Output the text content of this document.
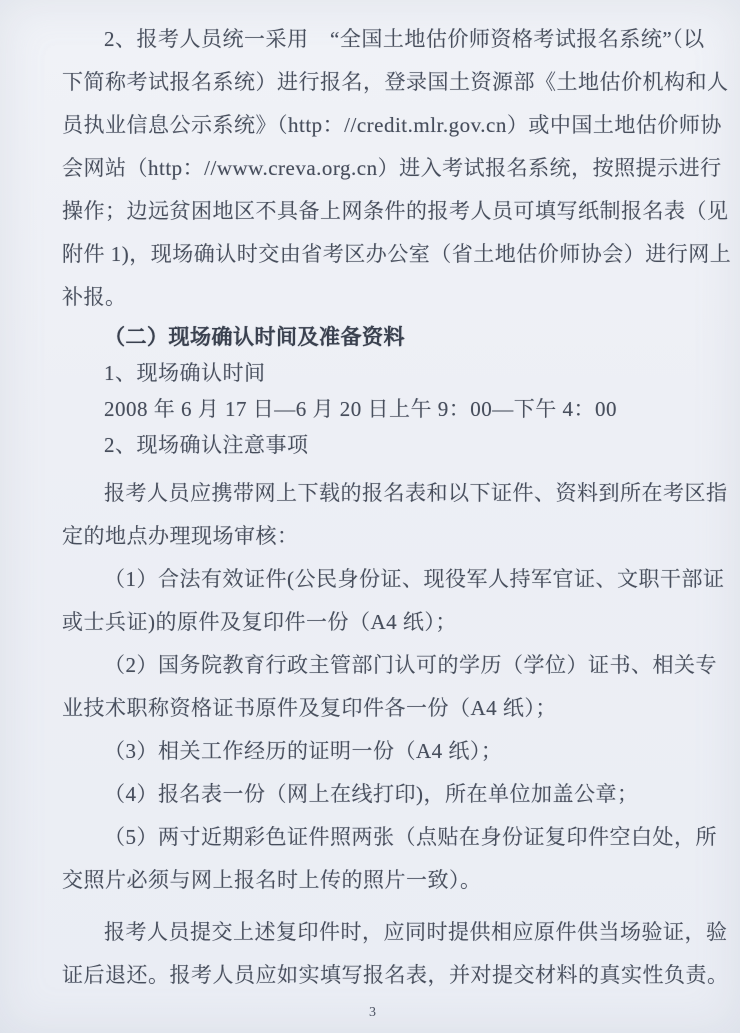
2、报考人员统一采用　“全国土地估价师资格考试报名系统”（以
下简称考试报名系统）进行报名，登录国土资源部《土地估价机构和人
员执业信息公示系统》（http：//credit.mlr.gov.cn）或中国土地估价师协
会网站（http：//www.creva.org.cn）进入考试报名系统，按照提示进行
操作；边远贫困地区不具备上网条件的报考人员可填写纸制报名表（见
附件 1)，现场确认时交由省考区办公室（省土地估价师协会）进行网上
补报。
（二）现场确认时间及准备资料
1、现场确认时间
2008 年 6 月 17 日—6 月 20 日上午 9：00—下午 4：00
2、现场确认注意事项
报考人员应携带网上下载的报名表和以下证件、资料到所在考区指
定的地点办理现场审核：
（1）合法有效证件(公民身份证、现役军人持军官证、文职干部证
或士兵证)的原件及复印件一份（A4 纸）；
（2）国务院教育行政主管部门认可的学历（学位）证书、相关专
业技术职称资格证书原件及复印件各一份（A4 纸）；
（3）相关工作经历的证明一份（A4 纸）；
（4）报名表一份（网上在线打印)，所在单位加盖公章；
（5）两寸近期彩色证件照两张（点贴在身份证复印件空白处，所
交照片必须与网上报名时上传的照片一致）。
报考人员提交上述复印件时，应同时提供相应原件供当场验证，验
证后退还。报考人员应如实填写报名表，并对提交材料的真实性负责。
3
